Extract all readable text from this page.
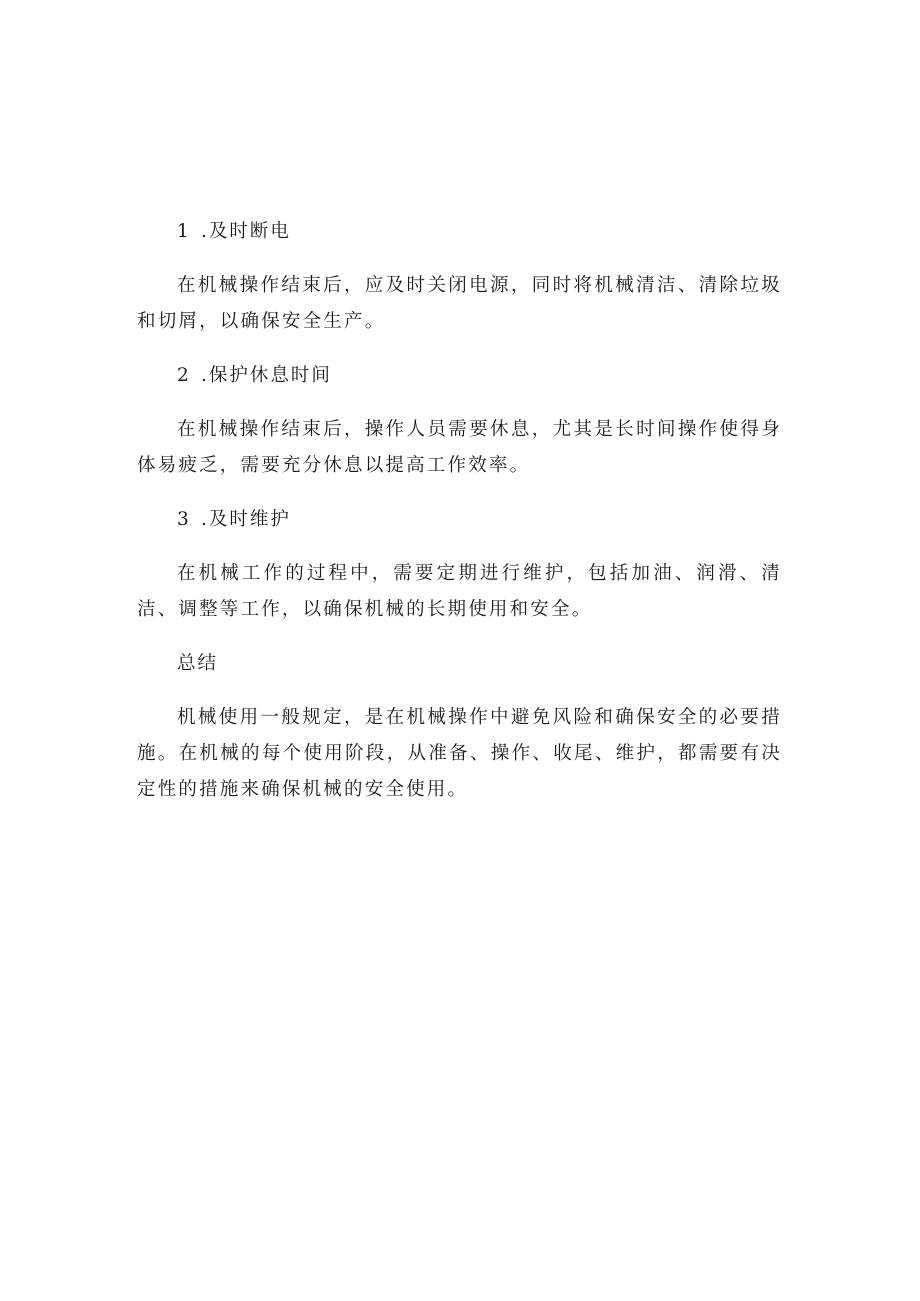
1 .及时断电

在机械操作结束后，应及时关闭电源，同时将机械清洁、清除垃圾和切屑，以确保安全生产。

2 .保护休息时间

在机械操作结束后，操作人员需要休息，尤其是长时间操作使得身体易疲乏，需要充分休息以提高工作效率。

3 .及时维护

在机械工作的过程中，需要定期进行维护，包括加油、润滑、清洁、调整等工作，以确保机械的长期使用和安全。

总结

机械使用一般规定，是在机械操作中避免风险和确保安全的必要措施。在机械的每个使用阶段，从准备、操作、收尾、维护，都需要有决定性的措施来确保机械的安全使用。
